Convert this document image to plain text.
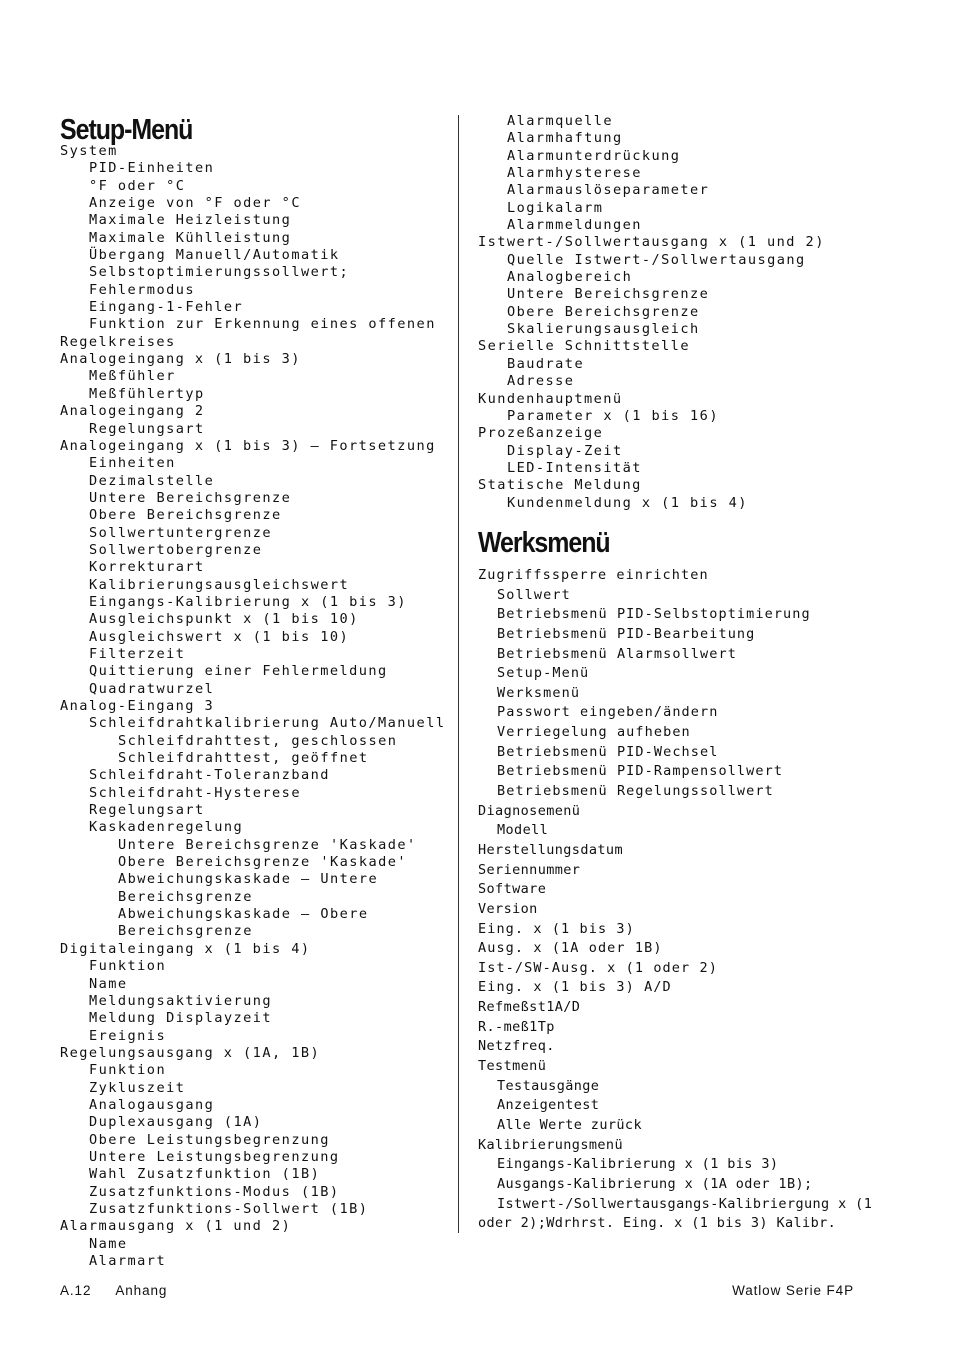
Setup-Menü
System
PID-Einheiten
°F oder °C
Anzeige von °F oder °C
Maximale Heizleistung
Maximale Kühlleistung
Übergang Manuell/Automatik
Selbstoptimierungssollwert;
Fehlermodus
Eingang-1-Fehler
Funktion zur Erkennung eines offenen
Regelkreises
Analogeingang x (1 bis 3)
Meßfühler
Meßfühlertyp
Analogeingang 2
Regelungsart
Analogeingang x (1 bis 3) – Fortsetzung
Einheiten
Dezimalstelle
Untere Bereichsgrenze
Obere Bereichsgrenze
Sollwertuntergrenze
Sollwertobergrenze
Korrekturart
Kalibrierungsausgleichswert
Eingangs-Kalibrierung x (1 bis 3)
Ausgleichspunkt x (1 bis 10)
Ausgleichswert x (1 bis 10)
Filterzeit
Quittierung einer Fehlermeldung
Quadratwurzel
Analog-Eingang 3
Schleifdrahtkalibrierung Auto/Manuell
Schleifdrahttest, geschlossen
Schleifdrahttest, geöffnet
Schleifdraht-Toleranzband
Schleifdraht-Hysterese
Regelungsart
Kaskadenregelung
Untere Bereichsgrenze 'Kaskade'
Obere Bereichsgrenze 'Kaskade'
Abweichungskaskade – Untere
Bereichsgrenze
Abweichungskaskade – Obere
Bereichsgrenze
Digitaleingang x (1 bis 4)
Funktion
Name
Meldungsaktivierung
Meldung Displayzeit
Ereignis
Regelungsausgang x (1A, 1B)
Funktion
Zykluszeit
Analogausgang
Duplexausgang (1A)
Obere Leistungsbegrenzung
Untere Leistungsbegrenzung
Wahl Zusatzfunktion (1B)
Zusatzfunktions-Modus (1B)
Zusatzfunktions-Sollwert (1B)
Alarmausgang x (1 und 2)
Name
Alarmart
Alarmquelle
Alarmhaftung
Alarmunterdrückung
Alarmhysterese
Alarmauslöseparameter
Logikalarm
Alarmmeldungen
Istwert-/Sollwertausgang x (1 und 2)
Quelle Istwert-/Sollwertausgang
Analogbereich
Untere Bereichsgrenze
Obere Bereichsgrenze
Skalierungsausgleich
Serielle Schnittstelle
Baudrate
Adresse
Kundenhauptmenü
Parameter x (1 bis 16)
Prozeßanzeige
Display-Zeit
LED-Intensität
Statische Meldung
Kundenmeldung x (1 bis 4)
Werksmenü
Zugriffssperre einrichten
Sollwert
Betriebsmenü PID-Selbstoptimierung
Betriebsmenü PID-Bearbeitung
Betriebsmenü Alarmsollwert
Setup-Menü
Werksmenü
Passwort eingeben/ändern
Verriegelung aufheben
Betriebsmenü PID-Wechsel
Betriebsmenü PID-Rampensollwert
Betriebsmenü Regelungssollwert
Diagnosemenü
Modell
Herstellungsdatum
Seriennummer
Software
Version
Eing. x (1 bis 3)
Ausg. x (1A oder 1B)
Ist-/SW-Ausg. x (1 oder 2)
Eing. x (1 bis 3) A/D
Refmeßst1A/D
R.-meß1Tp
Netzfreq.
Testmenü
Testausgänge
Anzeigentest
Alle Werte zurück
Kalibrierungsmenü
Eingangs-Kalibrierung x (1 bis 3)
Ausgangs-Kalibrierung x (1A oder 1B);
Istwert-/Sollwertausgangs-Kalibriergung x (1
oder 2);Wdrhrst. Eing. x (1 bis 3) Kalibr.
A.12 Anhang	Watlow Serie F4P
